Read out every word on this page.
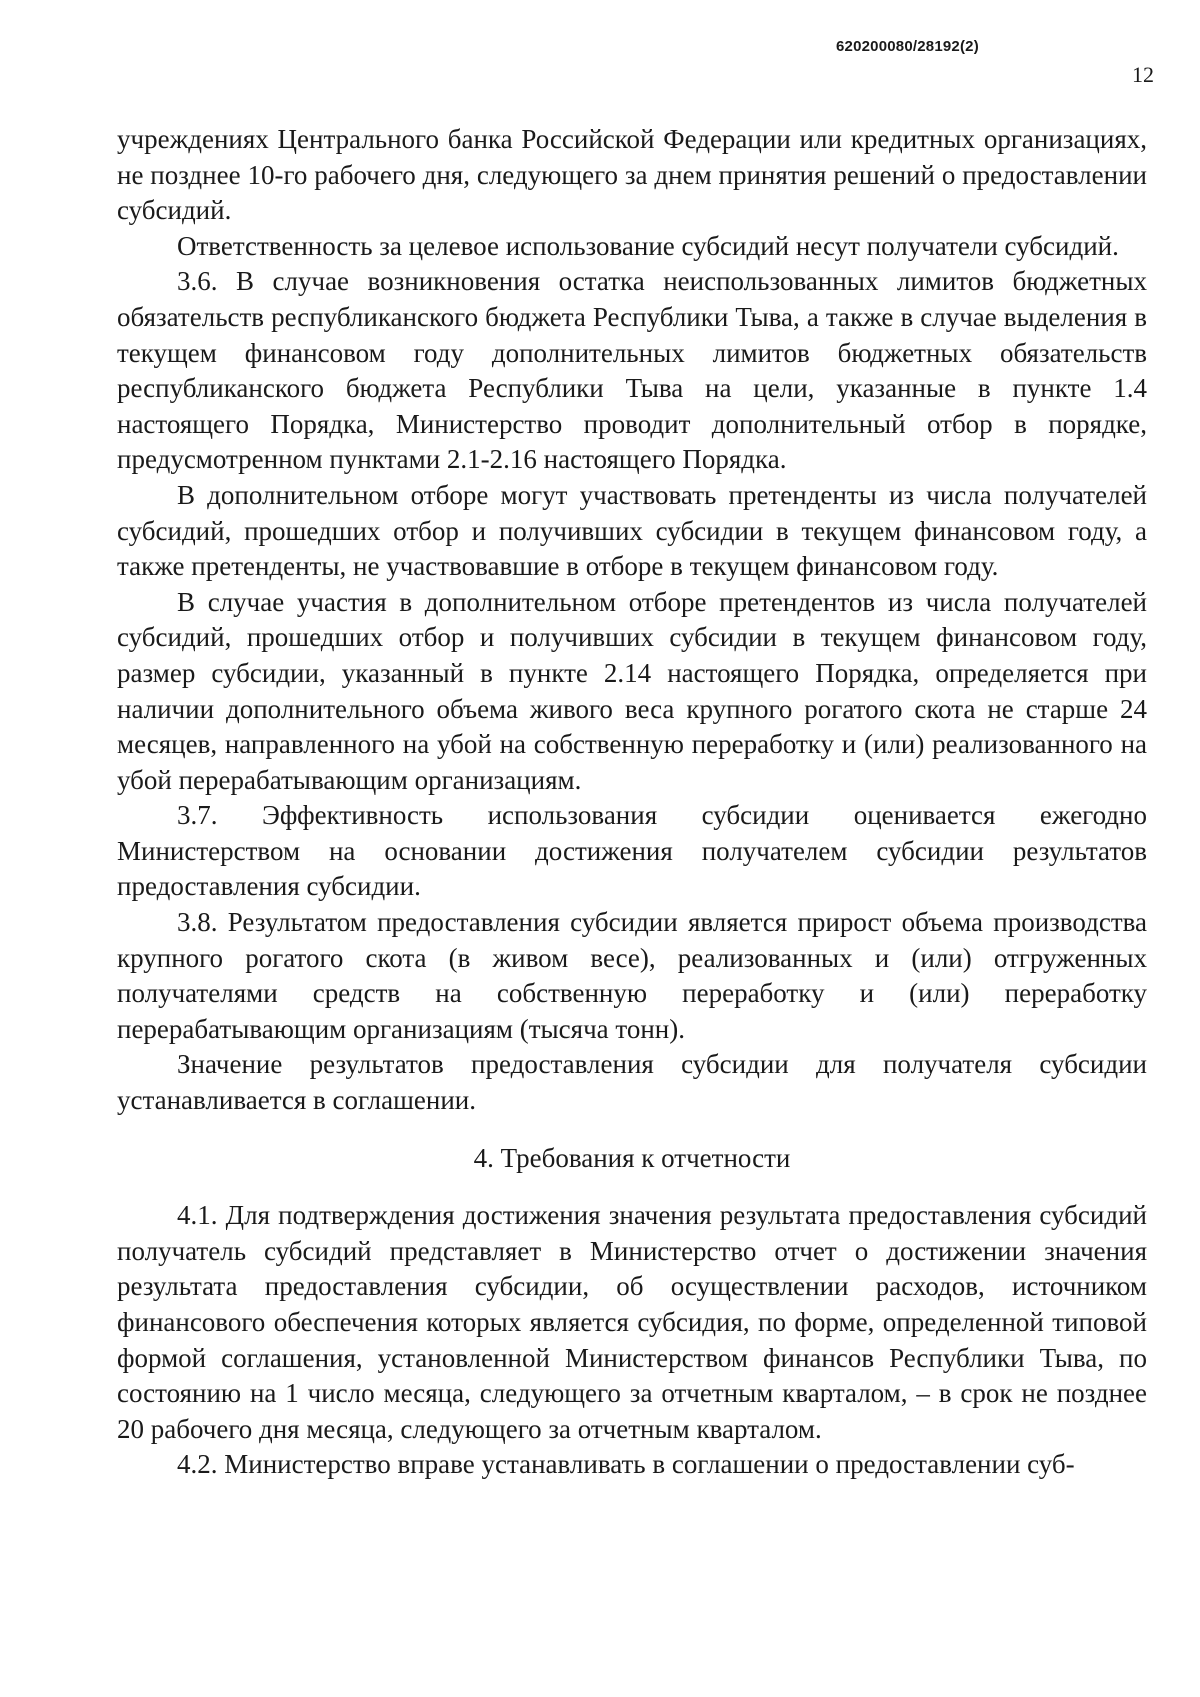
620200080/28192(2)
12

учреждениях Центрального банка Российской Федерации или кредитных организациях, не позднее 10-го рабочего дня, следующего за днем принятия решений о предоставлении субсидий.

Ответственность за целевое использование субсидий несут получатели субсидий.

3.6. В случае возникновения остатка неиспользованных лимитов бюджетных обязательств республиканского бюджета Республики Тыва, а также в случае выделения в текущем финансовом году дополнительных лимитов бюджетных обязательств республиканского бюджета Республики Тыва на цели, указанные в пункте 1.4 настоящего Порядка, Министерство проводит дополнительный отбор в порядке, предусмотренном пунктами 2.1-2.16 настоящего Порядка.

В дополнительном отборе могут участвовать претенденты из числа получателей субсидий, прошедших отбор и получивших субсидии в текущем финансовом году, а также претенденты, не участвовавшие в отборе в текущем финансовом году.

В случае участия в дополнительном отборе претендентов из числа получателей субсидий, прошедших отбор и получивших субсидии в текущем финансовом году, размер субсидии, указанный в пункте 2.14 настоящего Порядка, определяется при наличии дополнительного объема живого веса крупного рогатого скота не старше 24 месяцев, направленного на убой на собственную переработку и (или) реализованного на убой перерабатывающим организациям.

3.7. Эффективность использования субсидии оценивается ежегодно Министерством на основании достижения получателем субсидии результатов предоставления субсидии.

3.8. Результатом предоставления субсидии является прирост объема производства крупного рогатого скота (в живом весе), реализованных и (или) отгруженных получателями средств на собственную переработку и (или) переработку перерабатывающим организациям (тысяча тонн).

Значение результатов предоставления субсидии для получателя субсидии устанавливается в соглашении.

4. Требования к отчетности

4.1. Для подтверждения достижения значения результата предоставления субсидий получатель субсидий представляет в Министерство отчет о достижении значения результата предоставления субсидии, об осуществлении расходов, источником финансового обеспечения которых является субсидия, по форме, определенной типовой формой соглашения, установленной Министерством финансов Республики Тыва, по состоянию на 1 число месяца, следующего за отчетным кварталом, – в срок не позднее 20 рабочего дня месяца, следующего за отчетным кварталом.

4.2. Министерство вправе устанавливать в соглашении о предоставлении суб-
